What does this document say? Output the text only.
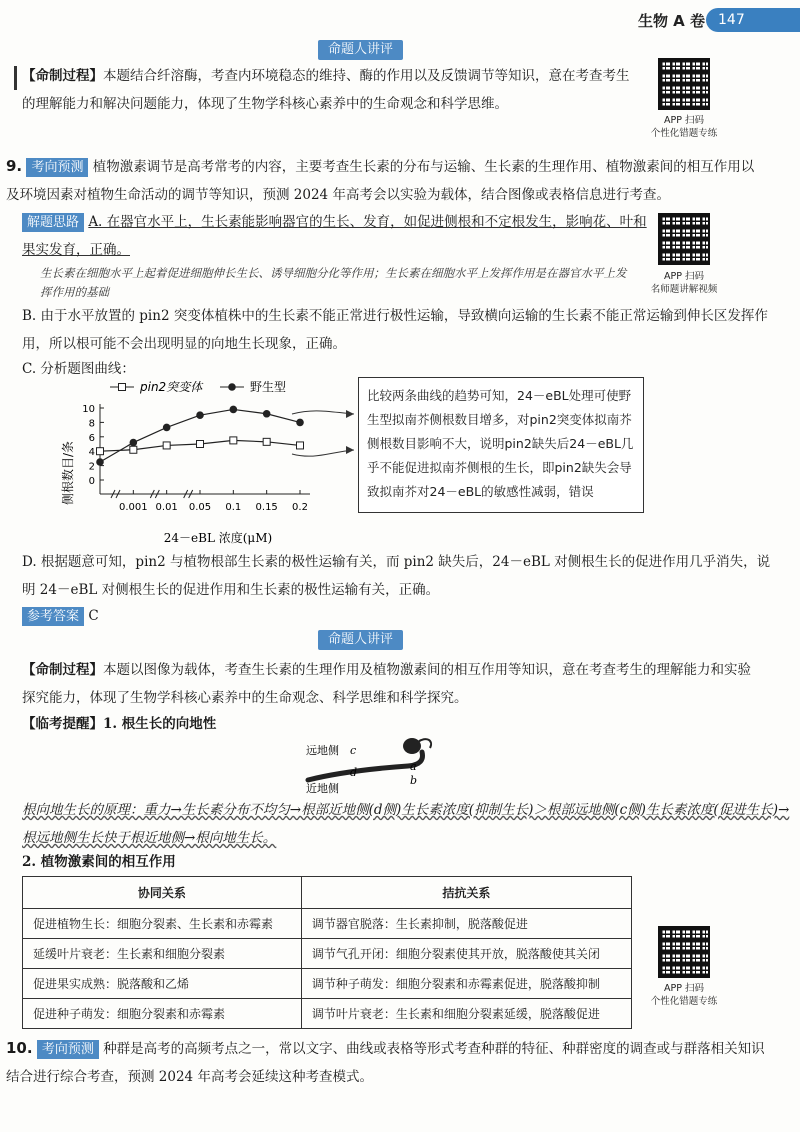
生物 A 卷 147
命题人讲评
【命制过程】本题结合纤溶酶，考查内环境稳态的维持、酶的作用以及反馈调节等知识，意在考查考生的理解能力和解决问题能力，体现了生物学科核心素养中的生命观念和科学思维。
APP 扫码
个性化错题专练
9. 考向预测 植物激素调节是高考常考的内容，主要考查生长素的分布与运输、生长素的生理作用、植物激素间的相互作用以及环境因素对植物生命活动的调节等知识，预测 2024 年高考会以实验为载体，结合图像或表格信息进行考查。
解题思路 A. 在器官水平上，生长素能影响器官的生长、发育，如促进侧根和不定根发生，影响花、叶和果实发育，正确。
生长素在细胞水平上起着促进细胞伸长生长、诱导细胞分化等作用；生长素在细胞水平上发挥作用是在器官水平上发挥作用的基础
APP 扫码
名师题讲解视频
B. 由于水平放置的 pin2 突变体植株中的生长素不能正常进行极性运输，导致横向运输的生长素不能正常运输到伸长区发挥作用，所以根可能不会出现明显的向地生长现象，正确。
C. 分析题图曲线：
pin2突变体	野生型
0
2
4
6
8
10
0.001 0.01 0.05 0.1 0.15 0.2
侧根数目/条
24－eBL 浓度(μM)
比较两条曲线的趋势可知，24－eBL处理可使野生型拟南芥侧根数目增多，对pin2突变体拟南芥侧根数目影响不大，说明pin2缺失后24－eBL几乎不能促进拟南芥侧根的生长，即pin2缺失会导致拟南芥对24－eBL的敏感性减弱，错误
D. 根据题意可知，pin2 与植物根部生长素的极性运输有关，而 pin2 缺失后，24－eBL 对侧根生长的促进作用几乎消失，说明 24－eBL 对侧根生长的促进作用和生长素的极性运输有关，正确。
参考答案 C
命题人讲评
【命制过程】本题以图像为载体，考查生长素的生理作用及植物激素间的相互作用等知识，意在考查考生的理解能力和实验探究能力，体现了生物学科核心素养中的生命观念、科学思维和科学探究。
【临考提醒】1. 根生长的向地性
远地侧 c
d	a
b
近地侧
根向地生长的原理：重力→生长素分布不均匀→根部近地侧(d侧)生长素浓度(抑制生长)＞根部远地侧(c侧)生长素浓度(促进生长)→根远地侧生长快于根近地侧→根向地生长。
2. 植物激素间的相互作用
协同关系	拮抗关系
促进植物生长：细胞分裂素、生长素和赤霉素	调节器官脱落：生长素抑制，脱落酸促进
延缓叶片衰老：生长素和细胞分裂素	调节气孔开闭：细胞分裂素使其开放，脱落酸使其关闭
促进果实成熟：脱落酸和乙烯	调节种子萌发：细胞分裂素和赤霉素促进，脱落酸抑制
促进种子萌发：细胞分裂素和赤霉素	调节叶片衰老：生长素和细胞分裂素延缓，脱落酸促进
APP 扫码
个性化错题专练
10. 考向预测 种群是高考的高频考点之一，常以文字、曲线或表格等形式考查种群的特征、种群密度的调查或与群落相关知识结合进行综合考查，预测 2024 年高考会延续这种考查模式。
